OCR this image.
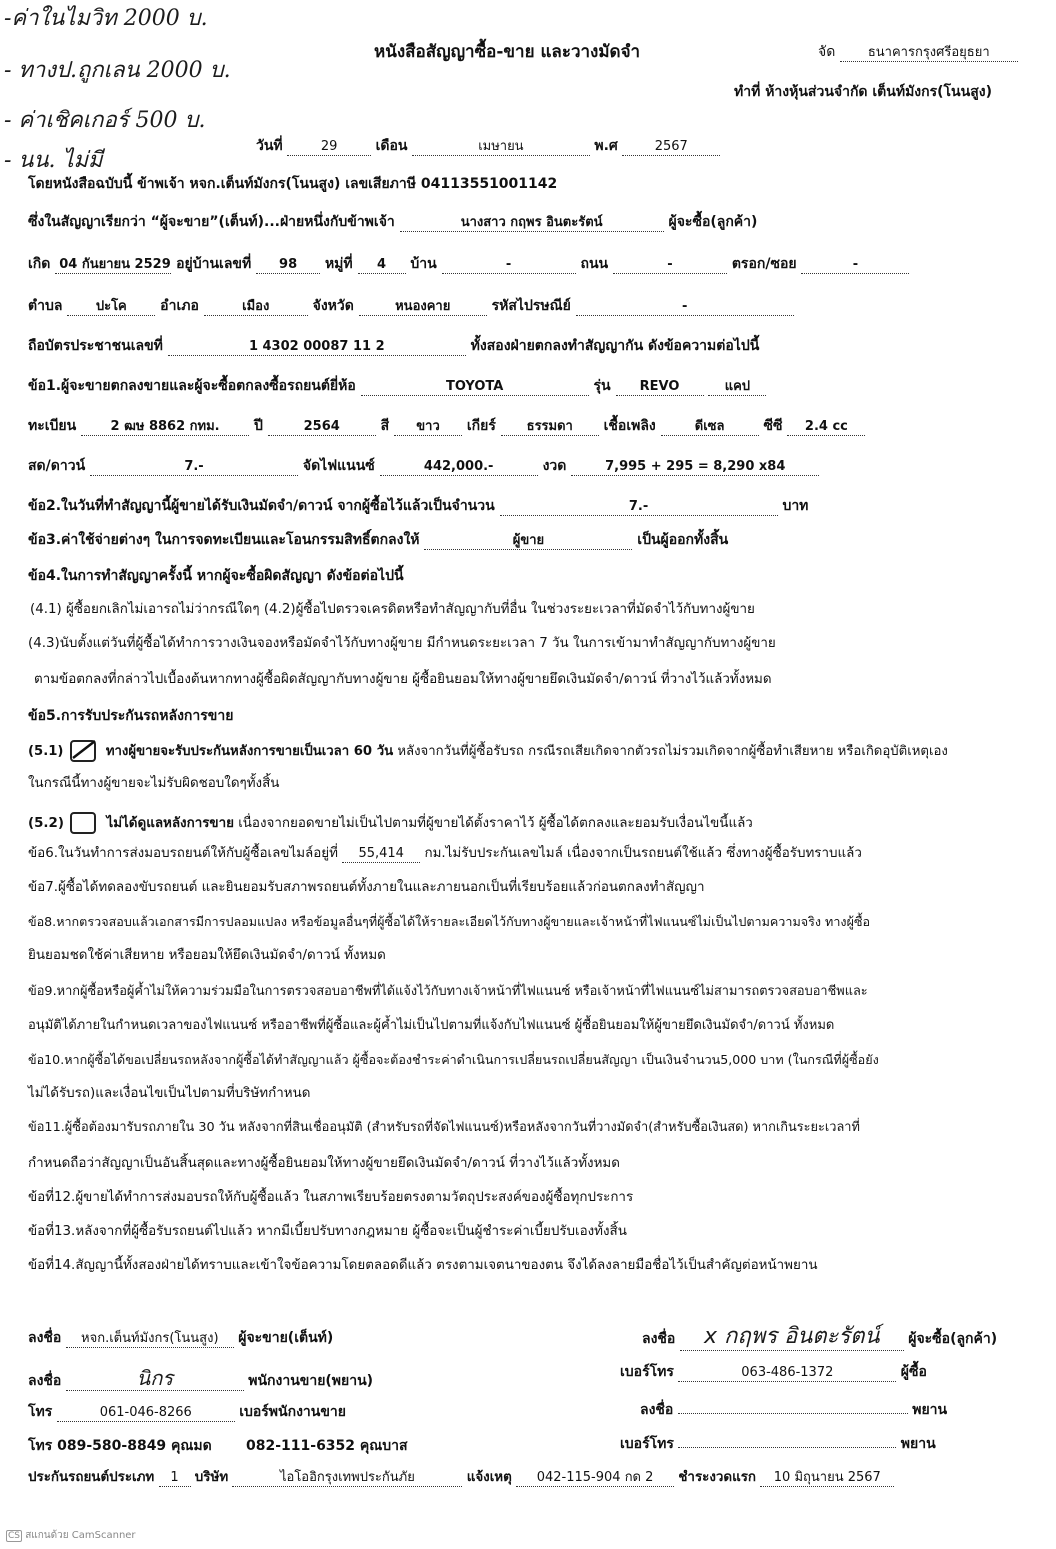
-ค่าในไมวิท 2000 บ.
- ทางป.ถูกเลน 2000 บ.
- ค่าเชิคเกอร์ 500 บ.
- นน. ไม่มี
หนังสือสัญญาซื้อ-ขาย และวางมัดจำ	จัด	ธนาคารกรุงศรีอยุธยา
ทำที่ ห้างหุ้นส่วนจำกัด เต็นท์มังกร(โนนสูง)
วันที่	29	เดือน	เมษายน	พ.ศ	2567
โดยหนังสือฉบับนี้ ข้าพเจ้า หจก.เต็นท์มังกร(โนนสูง) เลขเสียภาษี 04113551001142
ซึ่งในสัญญาเรียกว่า “ผู้จะขาย”(เต็นท์)...ฝ่ายหนึ่งกับข้าพเจ้า	นางสาว กฤพร อินตะรัตน์	ผู้จะซื้อ(ลูกค้า)
เกิด 04 กันยายน 2529 อยู่บ้านเลขที่ 98 หมู่ที่ 4 บ้าน	-	ถนน	-	ตรอก/ซอย	-
ตำบล	ปะโค อำเภอ	เมือง	จังหวัด	หนองคาย	รหัสไปรษณีย์	-
ถือบัตรประชาชนเลขที่	1 4302 00087 11 2	ทั้งสองฝ่ายตกลงทำสัญญากัน ดังข้อความต่อไปนี้
ข้อ1.ผู้จะขายตกลงขายและผู้จะซื้อตกลงซื้อรถยนต์ยี่ห้อ	TOYOTA	รุ่น REVO	แคป
ทะเบียน	2 ฒษ 8862 กทม. ปี	2564	สี ขาว เกียร์ ธรรมดา เชื้อเพลิง	ดีเซล	ซีซี 2.4 cc
สด/ดาวน์	7.-	จัดไฟแนนซ์	442,000.-	งวด	7,995 + 295 = 8,290 x84
ข้อ2.ในวันที่ทำสัญญานี้ผู้ขายได้รับเงินมัดจำ/ดาวน์ จากผู้ซื้อไว้แล้วเป็นจำนวน	7.-	บาท
ข้อ3.ค่าใช้จ่ายต่างๆ ในการจดทะเบียนและโอนกรรมสิทธิ์ตกลงให้	ผู้ขาย	เป็นผู้ออกทั้งสิ้น
ข้อ4.ในการทำสัญญาครั้งนี้ หากผู้จะซื้อผิดสัญญา ดังข้อต่อไปนี้
(4.1) ผู้ซื้อยกเลิกไม่เอารถไม่ว่ากรณีใดๆ (4.2)ผู้ซื้อไปตรวจเครดิตหรือทำสัญญากับที่อื่น ในช่วงระยะเวลาที่มัดจำไว้กับทางผู้ขาย
(4.3)นับตั้งแต่วันที่ผู้ซื้อได้ทำการวางเงินจองหรือมัดจำไว้กับทางผู้ขาย มีกำหนดระยะเวลา 7 วัน ในการเข้ามาทำสัญญากับทางผู้ขาย
ตามข้อตกลงที่กล่าวไปเบื้องต้นหากทางผู้ซื้อผิดสัญญากับทางผู้ขาย ผู้ซื้อยินยอมให้ทางผู้ขายยึดเงินมัดจำ/ดาวน์ ที่วางไว้แล้วทั้งหมด
ข้อ5.การรับประกันรถหลังการขาย
(5.1)	ทางผู้ขายจะรับประกันหลังการขายเป็นเวลา 60 วัน หลังจากวันที่ผู้ซื้อรับรถ กรณีรถเสียเกิดจากตัวรถไม่รวมเกิดจากผู้ซื้อทำเสียหาย หรือเกิดอุบัติเหตุเอง
ในกรณีนี้ทางผู้ขายจะไม่รับผิดชอบใดๆทั้งสิ้น
(5.2)	ไม่ได้ดูแลหลังการขาย เนื่องจากยอดขายไม่เป็นไปตามที่ผู้ขายได้ตั้งราคาไว้ ผู้ซื้อได้ตกลงและยอมรับเงื่อนไขนี้แล้ว
ข้อ6.ในวันทำการส่งมอบรถยนต์ให้กับผู้ซื้อเลขไมล์อยู่ที่ 55,414 กม.ไม่รับประกันเลขไมล์ เนื่องจากเป็นรถยนต์ใช้แล้ว ซึ่งทางผู้ซื้อรับทราบแล้ว
ข้อ7.ผู้ซื้อได้ทดลองขับรถยนต์ และยินยอมรับสภาพรถยนต์ทั้งภายในและภายนอกเป็นที่เรียบร้อยแล้วก่อนตกลงทำสัญญา
ข้อ8.หากตรวจสอบแล้วเอกสารมีการปลอมแปลง หรือข้อมูลอื่นๆที่ผู้ซื้อได้ให้รายละเอียดไว้กับทางผู้ขายและเจ้าหน้าที่ไฟแนนซ์ไม่เป็นไปตามความจริง ทางผู้ซื้อ
ยินยอมชดใช้ค่าเสียหาย หรือยอมให้ยึดเงินมัดจำ/ดาวน์ ทั้งหมด
ข้อ9.หากผู้ซื้อหรือผู้ค้ำไม่ให้ความร่วมมือในการตรวจสอบอาชีพที่ได้แจ้งไว้กับทางเจ้าหน้าที่ไฟแนนซ์ หรือเจ้าหน้าที่ไฟแนนซ์ไม่สามารถตรวจสอบอาชีพและ
อนุมัติได้ภายในกำหนดเวลาของไฟแนนซ์ หรืออาชีพที่ผู้ซื้อและผู้ค้ำไม่เป็นไปตามที่แจ้งกับไฟแนนซ์ ผู้ซื้อยินยอมให้ผู้ขายยึดเงินมัดจำ/ดาวน์ ทั้งหมด
ข้อ10.หากผู้ซื้อได้ขอเปลี่ยนรถหลังจากผู้ซื้อได้ทำสัญญาแล้ว ผู้ซื้อจะต้องชำระค่าดำเนินการเปลี่ยนรถเปลี่ยนสัญญา เป็นเงินจำนวน5,000 บาท (ในกรณีที่ผู้ซื้อยัง
ไม่ได้รับรถ)และเงื่อนไขเป็นไปตามที่บริษัทกำหนด
ข้อ11.ผู้ซื้อต้องมารับรถภายใน 30 วัน หลังจากที่สินเชื่ออนุมัติ (สำหรับรถที่จัดไฟแนนซ์)หรือหลังจากวันที่วางมัดจำ(สำหรับซื้อเงินสด) หากเกินระยะเวลาที่
กำหนดถือว่าสัญญาเป็นอันสิ้นสุดและทางผู้ซื้อยินยอมให้ทางผู้ขายยึดเงินมัดจำ/ดาวน์ ที่วางไว้แล้วทั้งหมด
ข้อที่12.ผู้ขายได้ทำการส่งมอบรถให้กับผู้ซื้อแล้ว ในสภาพเรียบร้อยตรงตามวัตถุประสงค์ของผู้ซื้อทุกประการ
ข้อที่13.หลังจากที่ผู้ซื้อรับรถยนต์ไปแล้ว หากมีเบี้ยปรับทางกฎหมาย ผู้ซื้อจะเป็นผู้ชำระค่าเบี้ยปรับเองทั้งสิ้น
ข้อที่14.สัญญานี้ทั้งสองฝ่ายได้ทราบและเข้าใจข้อความโดยตลอดดีแล้ว ตรงตามเจตนาของตน จึงได้ลงลายมือชื่อไว้เป็นสำคัญต่อหน้าพยาน
ลงชื่อ หจก.เต็นท์มังกร(โนนสูง) ผู้จะขาย(เต็นท์)
ลงชื่อ	นิกร	พนักงานขาย(พยาน)
โทร	061-046-8266	เบอร์พนักงานขาย
โทร 089-580-8849 คุณมด 082-111-6352 คุณบาส
ลงชื่อ x กฤพร อินตะรัตน์ ผู้จะซื้อ(ลูกค้า)
เบอร์โทร	063-486-1372	ผู้ซื้อ
ลงชื่อ	พยาน
เบอร์โทร	พยาน
ประกันรถยนต์ประเภท 1 บริษัท	ไอโออิกรุงเทพประกันภัย	แจ้งเหตุ 042-115-904 กด 2 ชำระงวดแรก 10 มิถุนายน 2567
CS สแกนด้วย CamScanner
